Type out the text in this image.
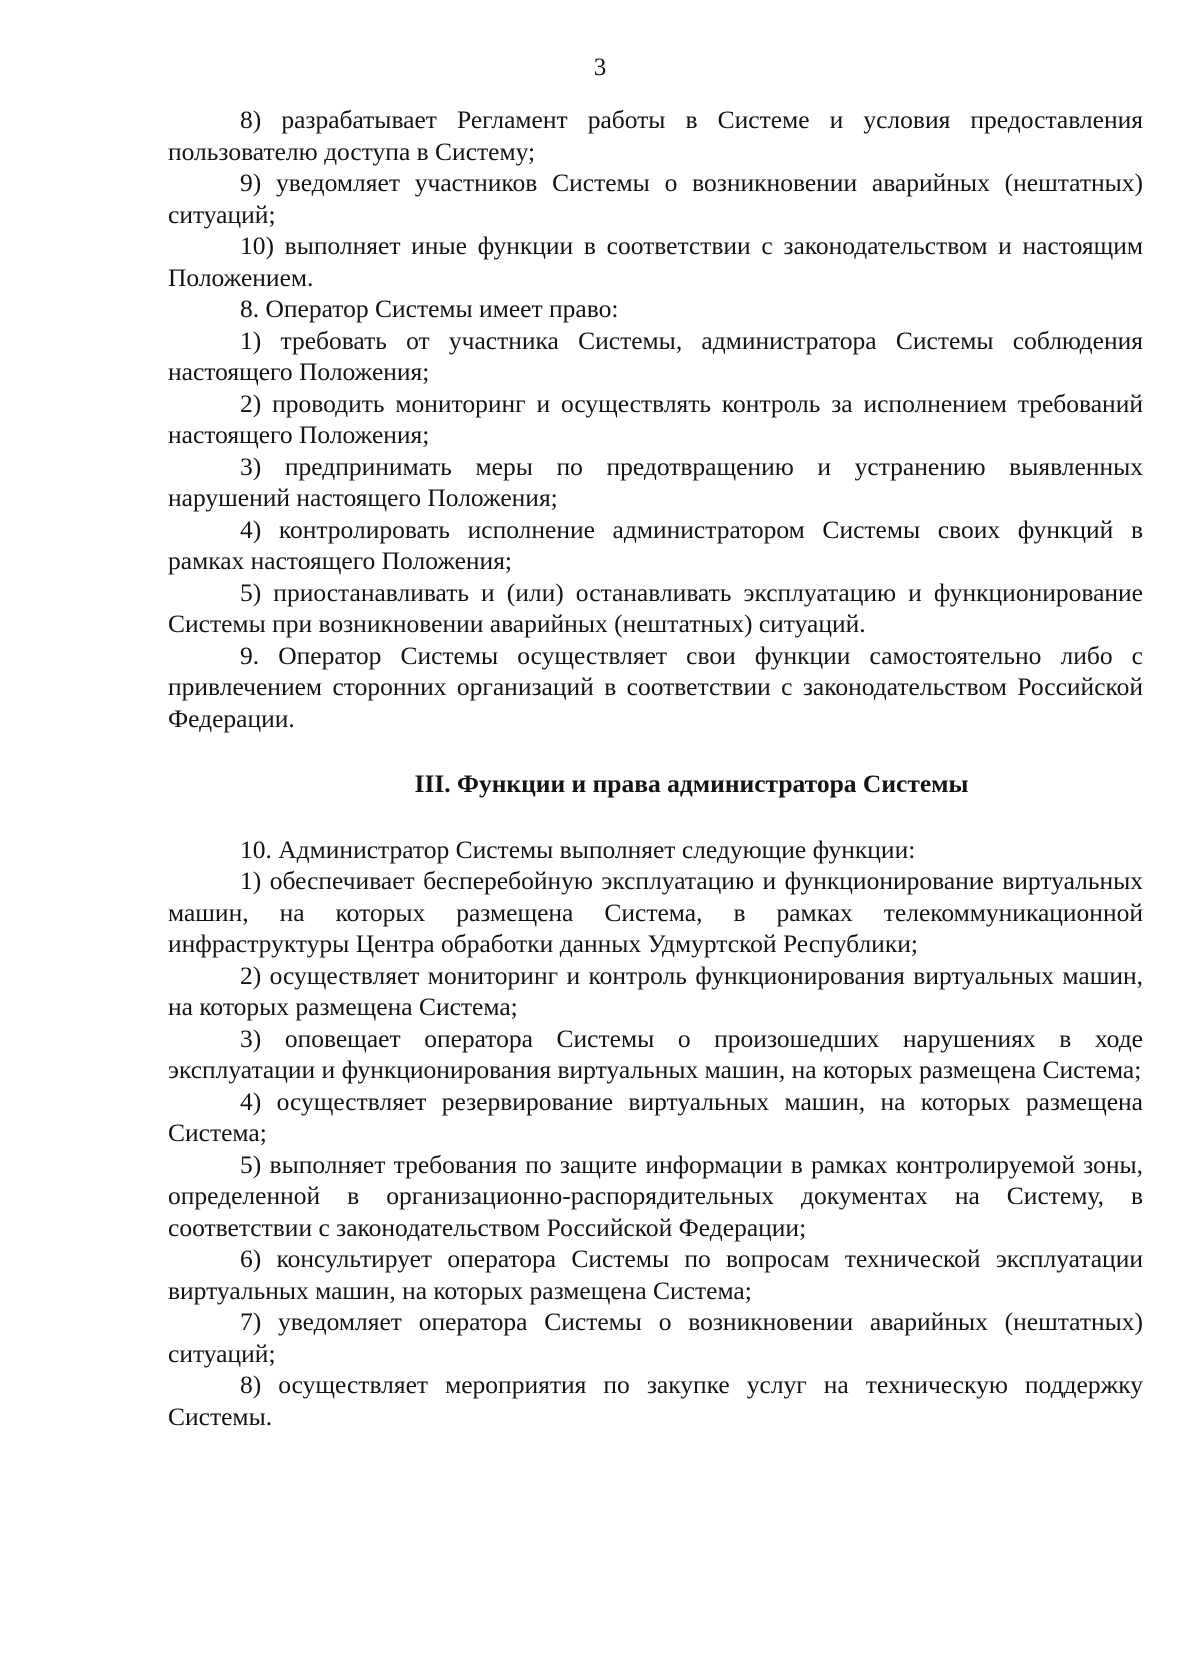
3

8) разрабатывает Регламент работы в Системе и условия предоставления пользователю доступа в Систему;

9) уведомляет участников Системы о возникновении аварийных (нештатных) ситуаций;

10) выполняет иные функции в соответствии с законодательством и настоящим Положением.

8. Оператор Системы имеет право:

1) требовать от участника Системы, администратора Системы соблюдения настоящего Положения;

2) проводить мониторинг и осуществлять контроль за исполнением требований настоящего Положения;

3) предпринимать меры по предотвращению и устранению выявленных нарушений настоящего Положения;

4) контролировать исполнение администратором Системы своих функций в рамках настоящего Положения;

5) приостанавливать и (или) останавливать эксплуатацию и функционирование Системы при возникновении аварийных (нештатных) ситуаций.

9. Оператор Системы осуществляет свои функции самостоятельно либо с привлечением сторонних организаций в соответствии с законодательством Российской Федерации.

III. Функции и права администратора Системы

10. Администратор Системы выполняет следующие функции:

1) обеспечивает бесперебойную эксплуатацию и функционирование виртуальных машин, на которых размещена Система, в рамках телекоммуникационной инфраструктуры Центра обработки данных Удмуртской Республики;

2) осуществляет мониторинг и контроль функционирования виртуальных машин, на которых размещена Система;

3) оповещает оператора Системы о произошедших нарушениях в ходе эксплуатации и функционирования виртуальных машин, на которых размещена Система;

4) осуществляет резервирование виртуальных машин, на которых размещена Система;

5) выполняет требования по защите информации в рамках контролируемой зоны, определенной в организационно-распорядительных документах на Систему, в соответствии с законодательством Российской Федерации;

6) консультирует оператора Системы по вопросам технической эксплуатации виртуальных машин, на которых размещена Система;

7) уведомляет оператора Системы о возникновении аварийных (нештатных) ситуаций;

8) осуществляет мероприятия по закупке услуг на техническую поддержку Системы.
